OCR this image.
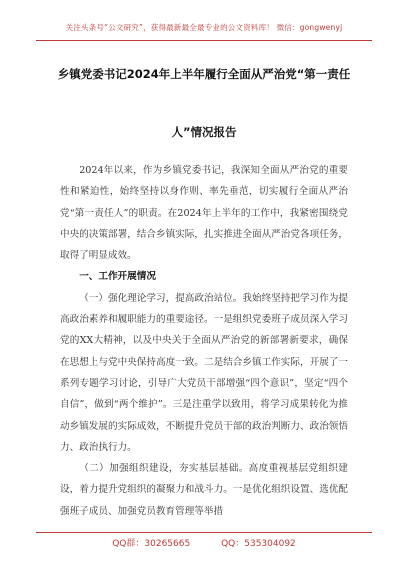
关注头条号“公文研究”，获得最新最全最专业的公文资料库！ 微信：gongwenyj
乡镇党委书记2024年上半年履行全面从严治党“第一责任
人”情况报告

2024年以来，作为乡镇党委书记，我深知全面从严治党的重要性和紧迫性，始终坚持以身作则、率先垂范，切实履行全面从严治党“第一责任人”的职责。在2024年上半年的工作中，我紧密围绕党中央的决策部署，结合乡镇实际，扎实推进全面从严治党各项任务，取得了明显成效。

一、工作开展情况

（一）强化理论学习，提高政治站位。我始终坚持把学习作为提高政治素养和履职能力的重要途径。一是组织党委班子成员深入学习党的XX大精神，以及中央关于全面从严治党的新部署新要求，确保在思想上与党中央保持高度一致。二是结合乡镇工作实际，开展了一系列专题学习讨论，引导广大党员干部增强“四个意识”，坚定“四个自信”，做到“两个维护”。三是注重学以致用，将学习成果转化为推动乡镇发展的实际成效，不断提升党员干部的政治判断力、政治领悟力、政治执行力。

（二）加强组织建设，夯实基层基础。高度重视基层党组织建设，着力提升党组织的凝聚力和战斗力。一是优化组织设置、选优配强班子成员、加强党员教育管理等举措

QQ群：30265665	QQ：535304092
